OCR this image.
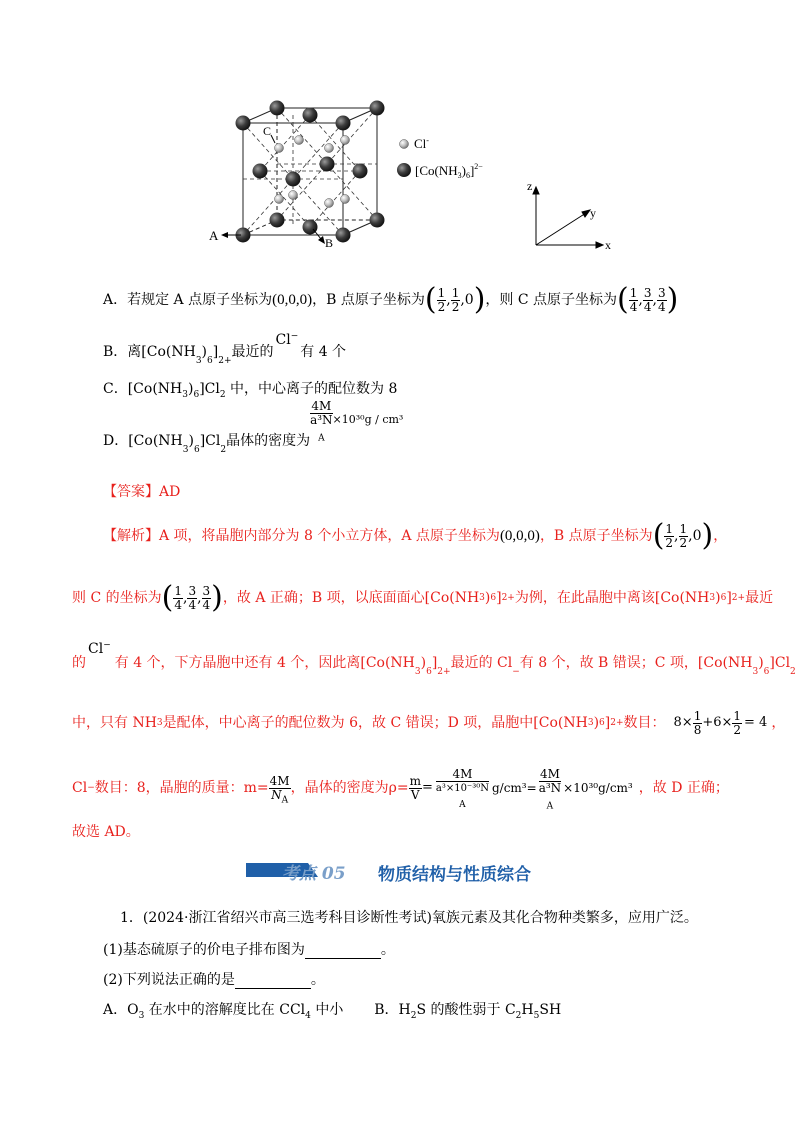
A	B
C
Cl-
$[Co(NH_3)_6]^{2-}$
z
y
x
A．若规定 A 点原子坐标为 (0,0,0) ，B 点原子坐标为 ( $\frac{1}{2}$ , $\frac{1}{2}$ , 0 ) ，则 C 点原子坐标为 ( $\frac{1}{4}$ , $\frac{3}{4}$ , $\frac{3}{4}$ )
B．离[Co(NH
3
)
6
]
2+
最近的
Cl−
有 4 个
C．$[Co(NH_3)_6]Cl_2$ 中，中心离子的配位数为 8
D．[Co(NH
3
)
6
]Cl
2
晶体的密度为
4M
a³N
$_A$ ×10³⁰g / cm³
【答案】AD
【解析】 A 项，将晶胞内部分为 8 个小立方体，A 点原子坐标为 (0,0,0) ，B 点原子坐标为 ( $\frac{1}{2}$ , $\frac{1}{2}$ , 0 ) ，
则 C 的坐标为 ( $\frac{1}{4}$ , $\frac{3}{4}$ , $\frac{3}{4}$ ) ，故 A 正确；B 项，以底面面心[Co(NH 3 ) 6 ] 2+ 为例，在此晶胞中离该[Co(NH 3 ) 6 ] 2+ 最近
的
Cl−
有 4 个，下方晶胞中还有 4 个，因此离[Co(NH
3
)
6
]
2+
最近的 Cl
−
有 8 个，故 B 错误；C 项，[Co(NH
3
)
6
]Cl
2
中，只有 NH 3 是配体，中心离子的配位数为 6，故 C 错误；D 项，晶胞中[Co(NH 3 ) 6 ] 2+ 数目： $8\times \frac{1}{8} +6\times \frac{1}{2} = 4$ ，
Cl − 数目：8，晶胞的质量：$m= \frac{4M}{N_A}$ ，晶体的密度为$\rho= \frac{m}{V} = 4M$
a³×10⁻³⁰N
$_A$ g/cm³= 4M
a³N
$_A$ ×10³⁰g/cm³ ，故 D 正确；
故选 AD。
考点 05 物质结构与性质综合
1．(2024·浙江省绍兴市高三选考科目诊断性考试)氧族元素及其化合物种类繁多，应用广泛。
(1)基态硫原子的价电子排布图为	。
(2)下列说法正确的是	。
A．$O_3$ 在水中的溶解度比在 CCl$_4$ 中小 B．$H_2S$ 的酸性弱于 $C_2H_5SH$
